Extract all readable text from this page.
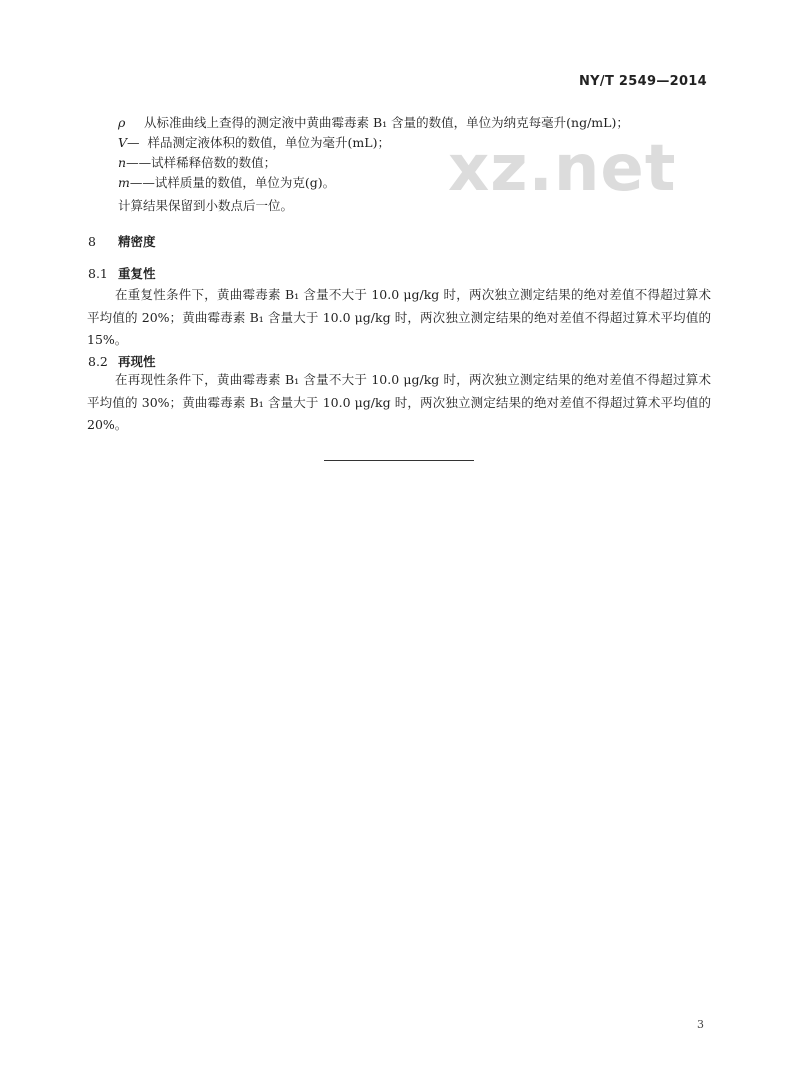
NY/T 2549—2014
xz.net
ρ 从标准曲线上查得的测定液中黄曲霉毒素 B₁ 含量的数值，单位为纳克每毫升(ng/mL)；
V— 样品测定液体积的数值，单位为毫升(mL)；
n——试样稀释倍数的数值；
m——试样质量的数值，单位为克(g)。
计算结果保留到小数点后一位。
8 精密度
8.1 重复性
在重复性条件下，黄曲霉毒素 B₁ 含量不大于 10.0 μg/kg 时，两次独立测定结果的绝对差值不得超过算术平均值的 20%；黄曲霉毒素 B₁ 含量大于 10.0 μg/kg 时，两次独立测定结果的绝对差值不得超过算术平均值的 15%。
8.2 再现性
在再现性条件下，黄曲霉毒素 B₁ 含量不大于 10.0 μg/kg 时，两次独立测定结果的绝对差值不得超过算术平均值的 30%；黄曲霉毒素 B₁ 含量大于 10.0 μg/kg 时，两次独立测定结果的绝对差值不得超过算术平均值的 20%。
3
